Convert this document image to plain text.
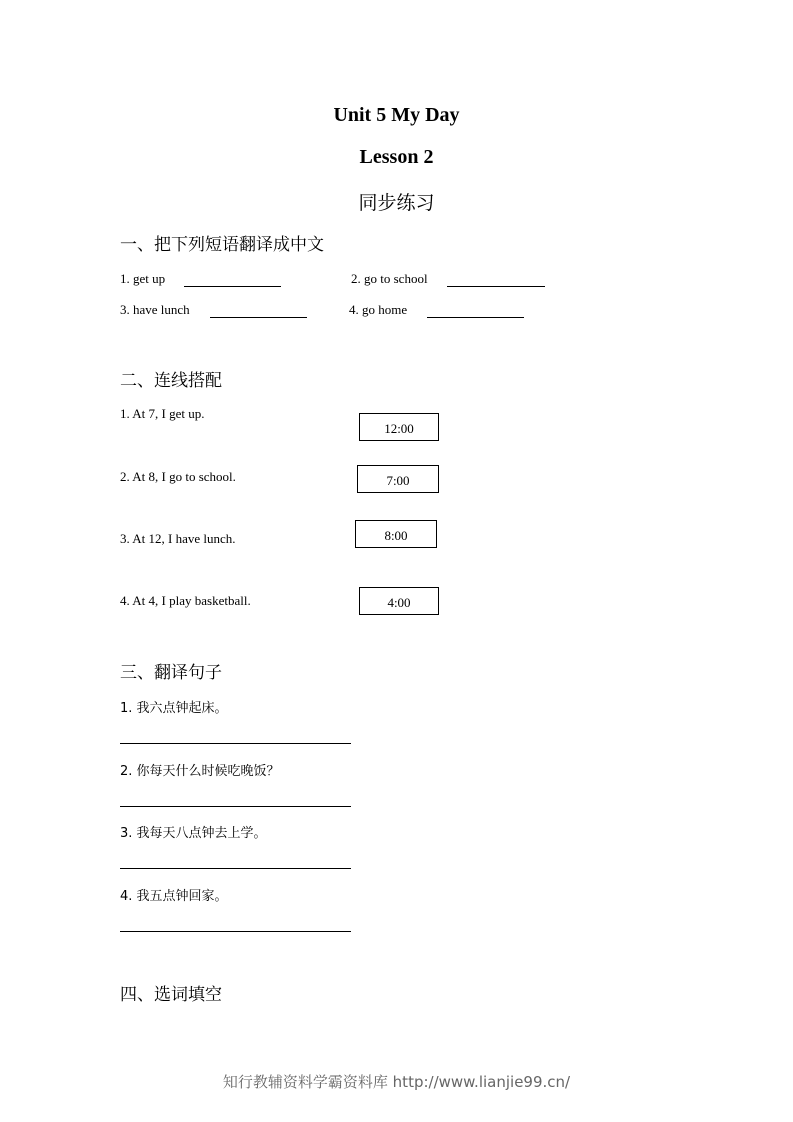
Unit 5 My Day
Lesson 2
同步练习
一、把下列短语翻译成中文
1. get up	2. go to school
3. have lunch	4. go home
二、连线搭配
1. At 7, I get up.
2. At 8, I go to school.
3. At 12, I have lunch.
4. At 4, I play basketball.
12:00
7:00
8:00
4:00
三、翻译句子
1. 我六点钟起床。
2. 你每天什么时候吃晚饭？
3. 我每天八点钟去上学。
4. 我五点钟回家。
四、选词填空
知行教辅资料学霸资料库 http://www.lianjie99.cn/
